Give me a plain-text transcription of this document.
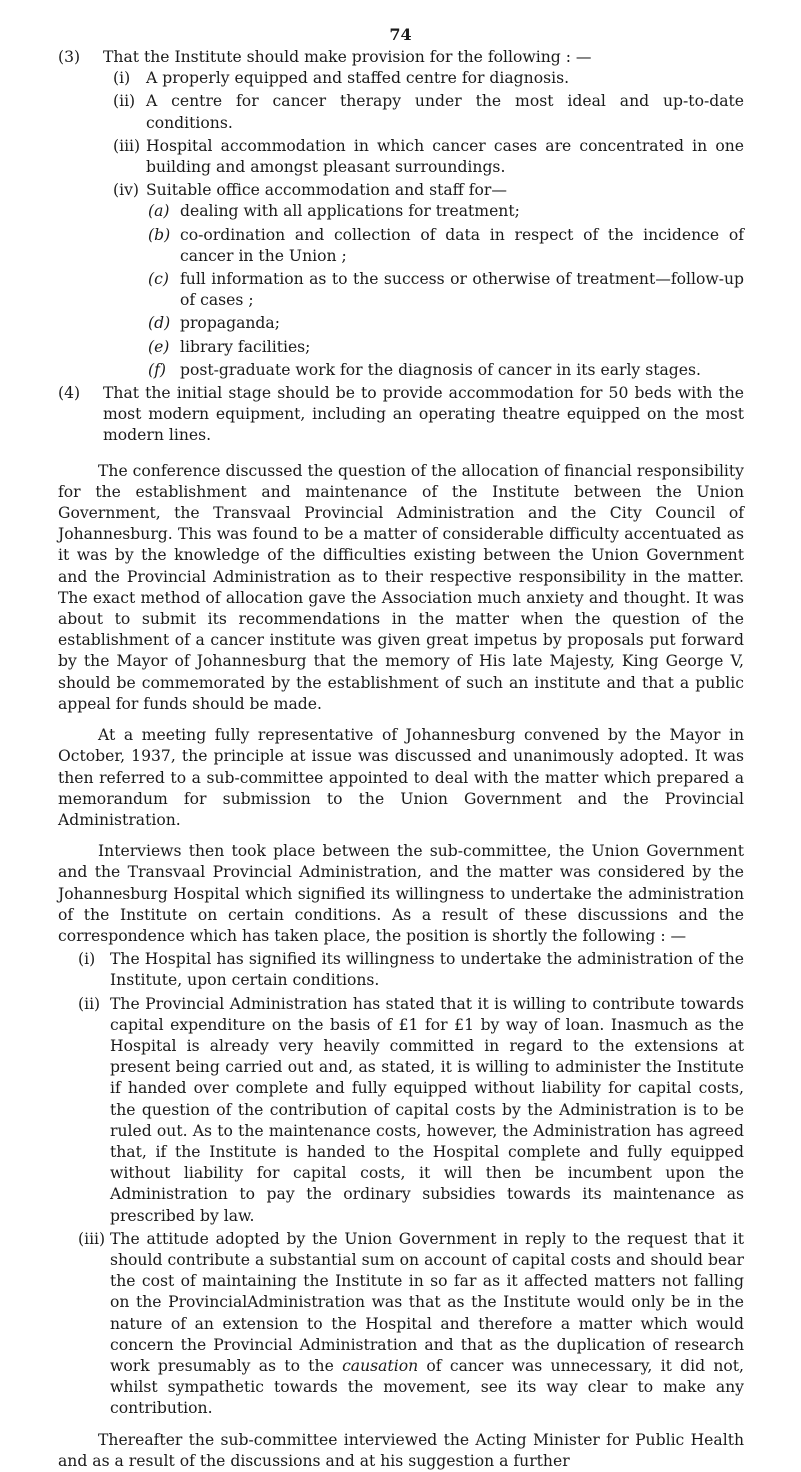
74
(3)	That the Institute should make provision for the following : —
(i)	A properly equipped and staffed centre for diagnosis.
(ii) A centre for cancer therapy under the most ideal and up-to-date conditions.
(iii) Hospital accommodation in which cancer cases are concentrated in one building and amongst pleasant surroundings.
(iv) Suitable office accommodation and staff for—
(a) dealing with all applications for treatment;
(b) co-ordination and collection of data in respect of the incidence of cancer in the Union ;
(c) full information as to the success or otherwise of treatment—follow-up of cases ;
(d) propaganda;
(e) library facilities;
(f) post-graduate work for the diagnosis of cancer in its early stages.
(4)	That the initial stage should be to provide accommodation for 50 beds with the most modern equipment, including an operating theatre equipped on the most modern lines.

The conference discussed the question of the allocation of financial responsibility for the establishment and maintenance of the Institute between the Union Government, the Transvaal Provincial Administration and the City Council of Johannesburg. This was found to be a matter of considerable difficulty accentuated as it was by the knowledge of the difficulties existing between the Union Government and the Provincial Administration as to their respective responsibility in the matter. The exact method of allocation gave the Association much anxiety and thought. It was about to submit its recommendations in the matter when the question of the establishment of a cancer institute was given great impetus by proposals put forward by the Mayor of Johannesburg that the memory of His late Majesty, King George V, should be commemorated by the establishment of such an institute and that a public appeal for funds should be made.

At a meeting fully representative of Johannesburg convened by the Mayor in October, 1937, the principle at issue was discussed and unanimously adopted. It was then referred to a sub-committee appointed to deal with the matter which prepared a memorandum for submission to the Union Government and the Provincial Administration.

Interviews then took place between the sub-committee, the Union Government and the Transvaal Provincial Administration, and the matter was considered by the Johannesburg Hospital which signified its willingness to undertake the administration of the Institute on certain conditions. As a result of these discussions and the correspondence which has taken place, the position is shortly the following : —

(i) The Hospital has signified its willingness to undertake the administration of the Institute, upon certain conditions.
(ii) The Provincial Administration has stated that it is willing to contribute towards capital expenditure on the basis of £1 for £1 by way of loan. Inasmuch as the Hospital is already very heavily committed in regard to the extensions at present being carried out and, as stated, it is willing to administer the Institute if handed over complete and fully equipped without liability for capital costs, the question of the contribution of capital costs by the Administration is to be ruled out. As to the maintenance costs, however, the Administration has agreed that, if the Institute is handed to the Hospital complete and fully equipped without liability for capital costs, it will then be incumbent upon the Administration to pay the ordinary subsidies towards its maintenance as prescribed by law.
(iii) The attitude adopted by the Union Government in reply to the request that it should contribute a substantial sum on account of capital costs and should bear the cost of maintaining the Institute in so far as it affected matters not falling on the ProvincialAdministration was that as the Institute would only be in the nature of an extension to the Hospital and therefore a matter which would concern the Provincial Administration and that as the duplication of research work presumably as to the causation of cancer was unnecessary, it did not, whilst sympathetic towards the movement, see its way clear to make any contribution.

Thereafter the sub-committee interviewed the Acting Minister for Public Health and as a result of the discussions and at his suggestion a further
